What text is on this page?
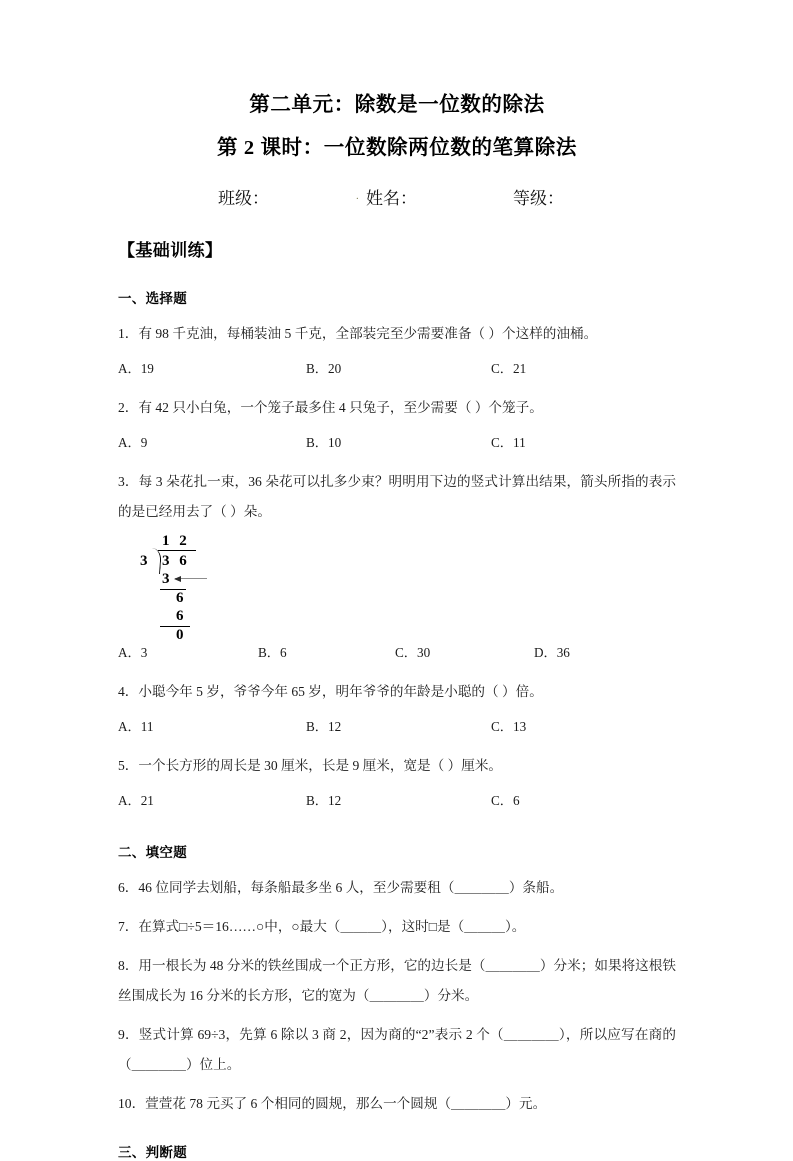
第二单元：除数是一位数的除法
第 2 课时：一位数除两位数的笔算除法
班级：	. 姓名：	等级：
【基础训练】
一、选择题
1．有 98 千克油，每桶装油 5 千克，全部装完至少需要准备（ ）个这样的油桶。
A．19	B．20	C．21
2．有 42 只小白兔，一个笼子最多住 4 只兔子，至少需要（ ）个笼子。
A．9	B．10	C．11
3．每 3 朵花扎一束，36 朵花可以扎多少束？明明用下边的竖式计算出结果，箭头所指的表示的是已经用去了（ ）朵。
1 2
3 3 6
3
6
6
0
A．3	B．6	C．30	D．36
4．小聪今年 5 岁，爷爷今年 65 岁，明年爷爷的年龄是小聪的（ ）倍。
A．11	B．12	C．13
5．一个长方形的周长是 30 厘米，长是 9 厘米，宽是（ ）厘米。
A．21	B．12	C．6
二、填空题
6．46 位同学去划船，每条船最多坐 6 人，至少需要租（＿＿＿＿）条船。
7．在算式□÷5＝16……○中，○最大（＿＿＿），这时□是（＿＿＿）。
8．用一根长为 48 分米的铁丝围成一个正方形，它的边长是（＿＿＿＿）分米；如果将这根铁丝围成长为 16 分米的长方形，它的宽为（＿＿＿＿）分米。
9．竖式计算 69÷3，先算 6 除以 3 商 2，因为商的“2”表示 2 个（＿＿＿＿），所以应写在商的（＿＿＿＿）位上。
10．萱萱花 78 元买了 6 个相同的圆规，那么一个圆规（＿＿＿＿）元。
三、判断题
